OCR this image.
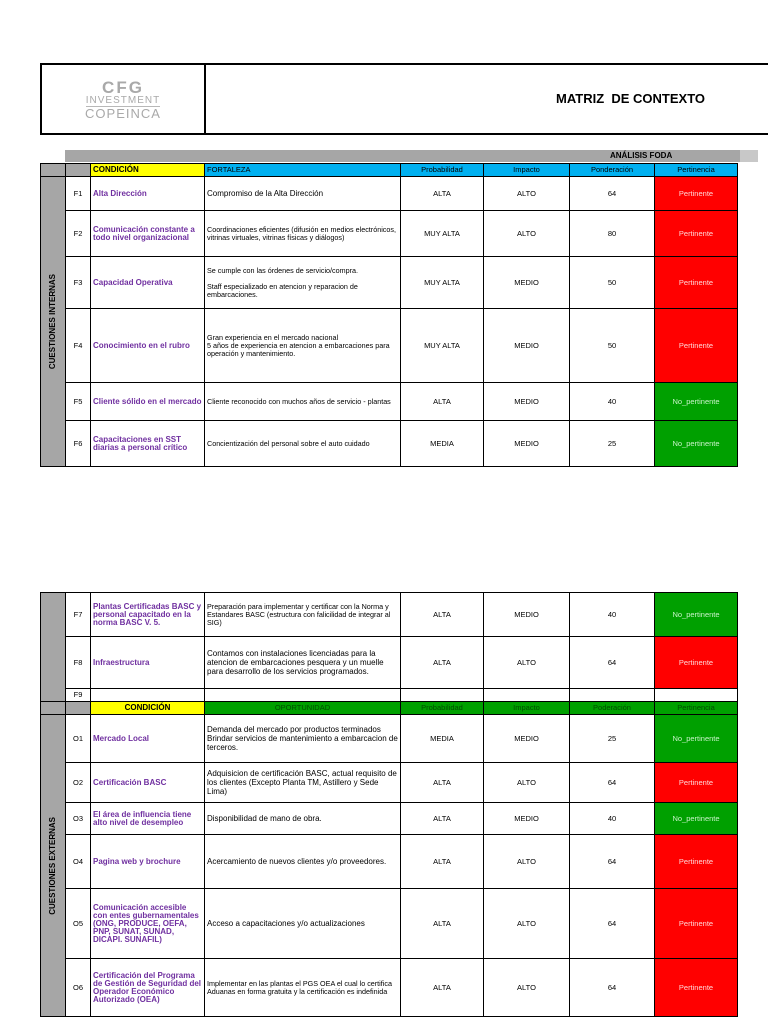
CFG
INVESTMENT
COPEINCA
MATRIZ  DE CONTEXTO
ANÁLISIS FODA
		CONDICIÓN	FORTALEZA	Probabilidad	Impacto	Ponderación	Pertinencia

CUESTIONES INTERNAS	F1	Alta Dirección	Compromiso de la Alta Dirección	ALTA	ALTO	64	Pertinente
	F2	Comunicación constante a todo nivel organizacional	Coordinaciones eficientes (difusión en medios electrónicos, vitrinas virtuales, vitrinas físicas y diálogos)	MUY ALTA	ALTO	80	Pertinente
	F3	Capacidad Operativa	Se cumple con las órdenes de servicio/compra.
Staff especializado en atencion y reparacion de embarcaciones.	MUY ALTA	MEDIO	50	Pertinente
	F4	Conocimiento en el rubro	Gran experiencia en el mercado nacional
5 años de experiencia en atencion a embarcaciones para operación y mantenimiento.	MUY ALTA	MEDIO	50	Pertinente
	F5	Cliente sólido en el mercado	Cliente reconocido con muchos años de servicio - plantas	ALTA	MEDIO	40	No_pertinente
	F6	Capacitaciones en SST diarias a personal crítico	Concientización del personal sobre el auto cuidado	MEDIA	MEDIO	25	No_pertinente
	F7	Plantas Certificadas BASC y personal capacitado en la norma BASC V. 5.	Preparación para implementar y certificar con la Norma y Estandares BASC (estructura con falicilidad de integrar al SIG)	ALTA	MEDIO	40	No_pertinente
	F8	Infraestructura	Contamos con instalaciones licenciadas para la atencion de embarcaciones pesquera y un muelle para desarrollo de los servicios programados.	ALTA	ALTO	64	Pertinente
	F9						
		CONDICIÓN	OPORTUNIDAD	Probabilidad	Impacto	Poderación	Pertinencia

CUESTIONES EXTERNAS	O1	Mercado Local	Demanda del mercado por productos terminados
Brindar servicios de mantenimiento a embarcacion de terceros.	MEDIA	MEDIO	25	No_pertinente
	O2	Certificación BASC	Adquisicion de certificación BASC, actual requisito de los clientes (Excepto Planta TM, Astillero y Sede Lima)	ALTA	ALTO	64	Pertinente
	O3	El área de influencia tiene alto nivel de desempleo	Disponibilidad de mano de obra.	ALTA	MEDIO	40	No_pertinente
	O4	Pagina web y brochure	Acercamiento de nuevos clientes y/o proveedores.	ALTA	ALTO	64	Pertinente
	O5	Comunicación accesible con entes gubernamentales (ONG, PRODUCE, OEFA, PNP, SUNAT, SUNAD, DICAPI. SUNAFIL)	Acceso a capacitaciones y/o actualizaciones	ALTA	ALTO	64	Pertinente
	O6	Certificación del Programa de Gestión de Seguridad del Operador Económico Autorizado (OEA)	Implementar en las plantas el PGS OEA el cual lo certifica Aduanas en forma gratuita y la certificación es indefinida	ALTA	ALTO	64	Pertinente
